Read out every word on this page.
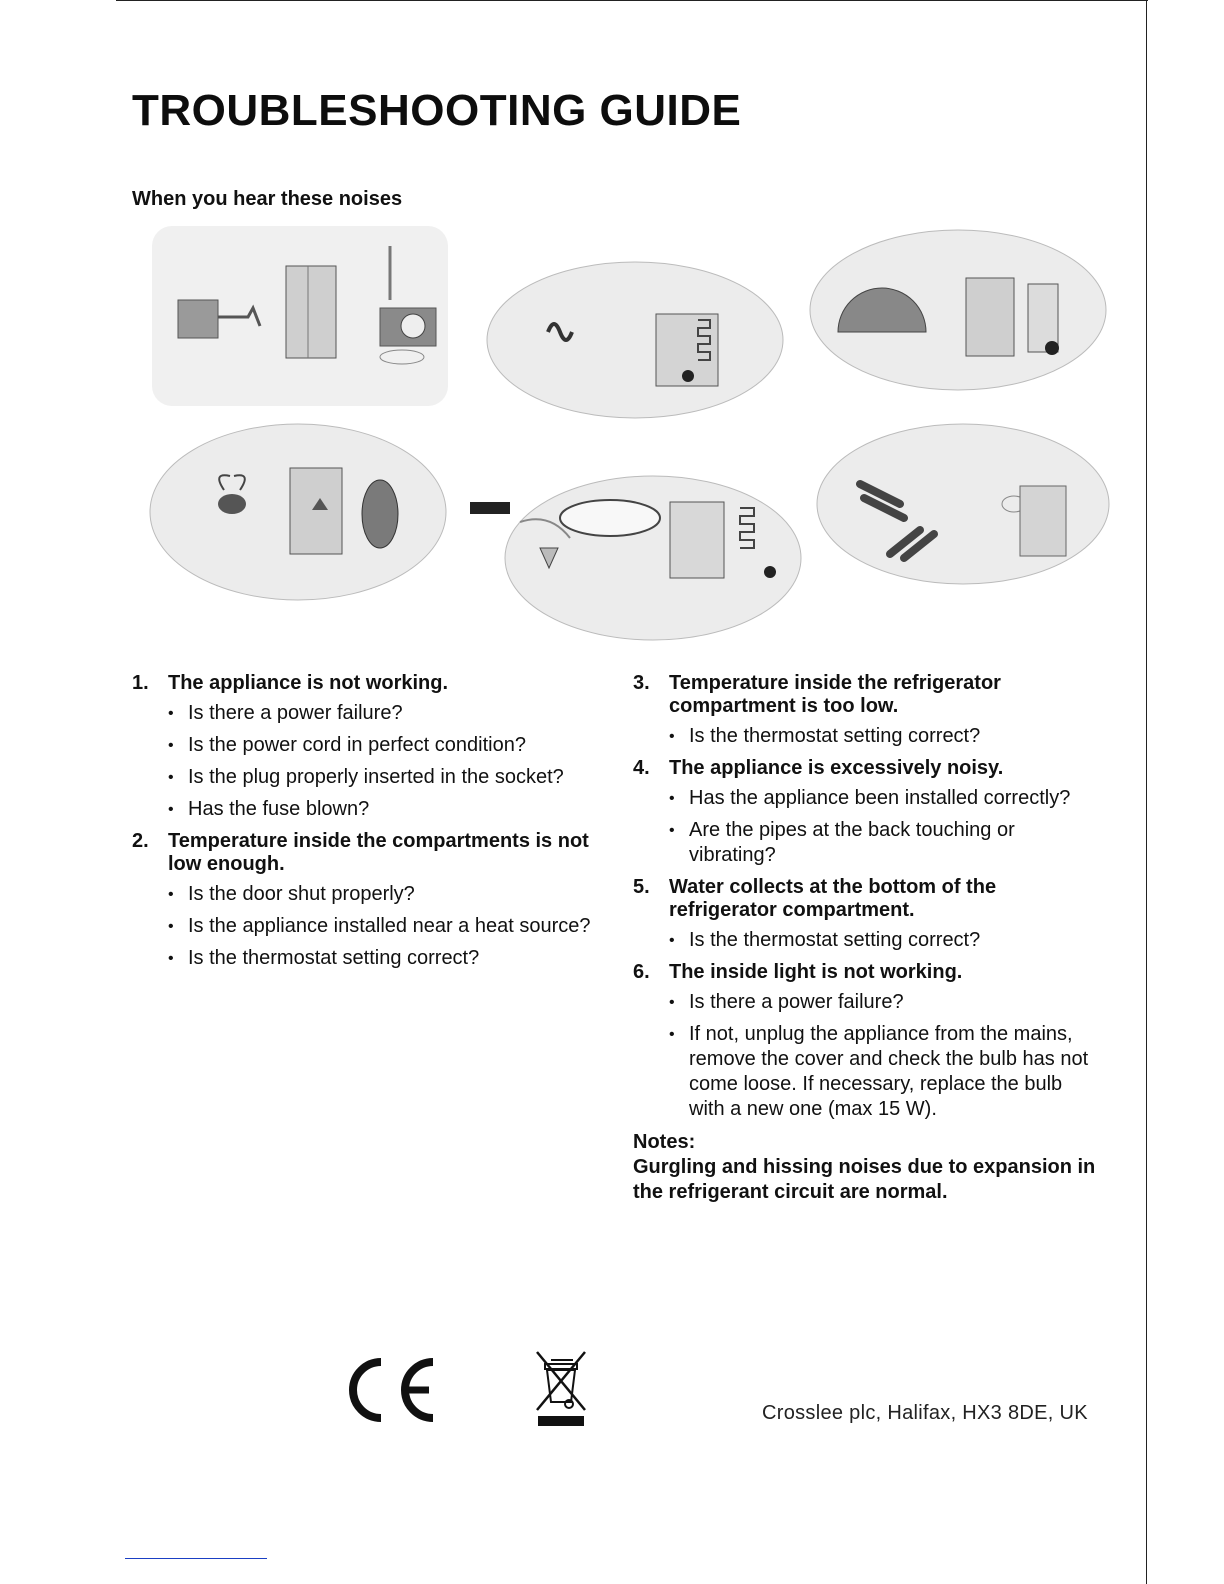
TROUBLESHOOTING GUIDE
When you hear these noises
1. The appliance is not working.
• Is there a power failure?
• Is the power cord in perfect condition?
• Is the plug properly inserted in the socket?
• Has the fuse blown?
2. Temperature inside the compartments is not low enough.
• Is the door shut properly?
• Is the appliance installed near a heat source?
• Is the thermostat setting correct?
3. Temperature inside the refrigerator compartment is too low.
• Is the thermostat setting correct?
4. The appliance is excessively noisy.
• Has the appliance been installed correctly?
• Are the pipes at the back touching or vibrating?
5. Water collects at the bottom of the refrigerator compartment.
• Is the thermostat setting correct?
6. The inside light is not working.
• Is there a power failure?
• If not, unplug the appliance from the mains, remove the cover and check the bulb has not come loose. If necessary, replace the bulb with a new one (max 15 W).
Notes:
Gurgling and hissing noises due to expansion in the refrigerant circuit are normal.

Crosslee plc, Halifax, HX3 8DE, UK
